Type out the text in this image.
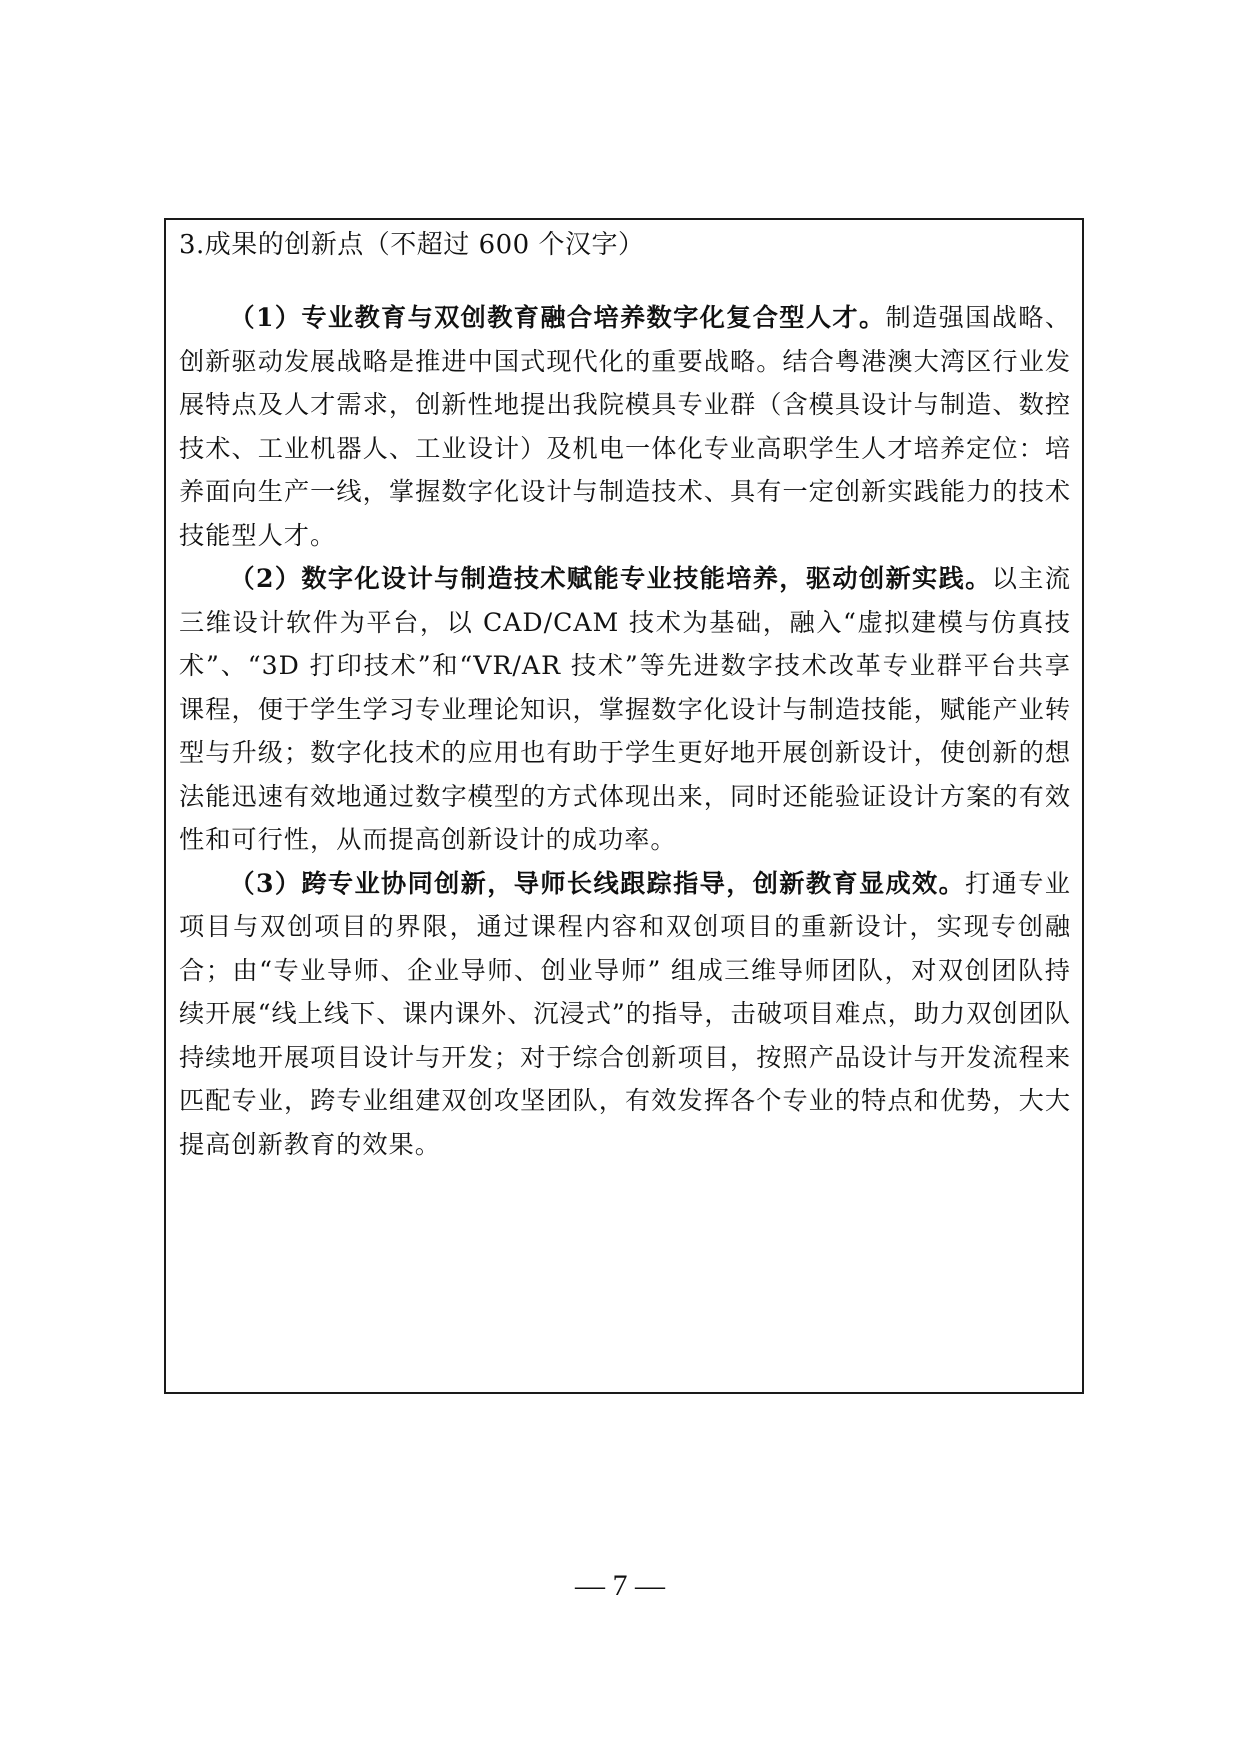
3.成果的创新点（不超过 600 个汉字）

（1）专业教育与双创教育融合培养数字化复合型人才。制造强国战略、创新驱动发展战略是推进中国式现代化的重要战略。结合粤港澳大湾区行业发展特点及人才需求，创新性地提出我院模具专业群（含模具设计与制造、数控技术、工业机器人、工业设计）及机电一体化专业高职学生人才培养定位：培养面向生产一线，掌握数字化设计与制造技术、具有一定创新实践能力的技术技能型人才。

（2）数字化设计与制造技术赋能专业技能培养，驱动创新实践。以主流三维设计软件为平台，以 CAD/CAM 技术为基础，融入“虚拟建模与仿真技术”、“3D 打印技术”和“VR/AR 技术”等先进数字技术改革专业群平台共享课程，便于学生学习专业理论知识，掌握数字化设计与制造技能，赋能产业转型与升级；数字化技术的应用也有助于学生更好地开展创新设计，使创新的想法能迅速有效地通过数字模型的方式体现出来，同时还能验证设计方案的有效性和可行性，从而提高创新设计的成功率。

（3）跨专业协同创新，导师长线跟踪指导，创新教育显成效。打通专业项目与双创项目的界限，通过课程内容和双创项目的重新设计，实现专创融合；由“专业导师、企业导师、创业导师” 组成三维导师团队，对双创团队持续开展“线上线下、课内课外、沉浸式”的指导，击破项目难点，助力双创团队持续地开展项目设计与开发；对于综合创新项目，按照产品设计与开发流程来匹配专业，跨专业组建双创攻坚团队，有效发挥各个专业的特点和优势，大大提高创新教育的效果。

— 7 —
